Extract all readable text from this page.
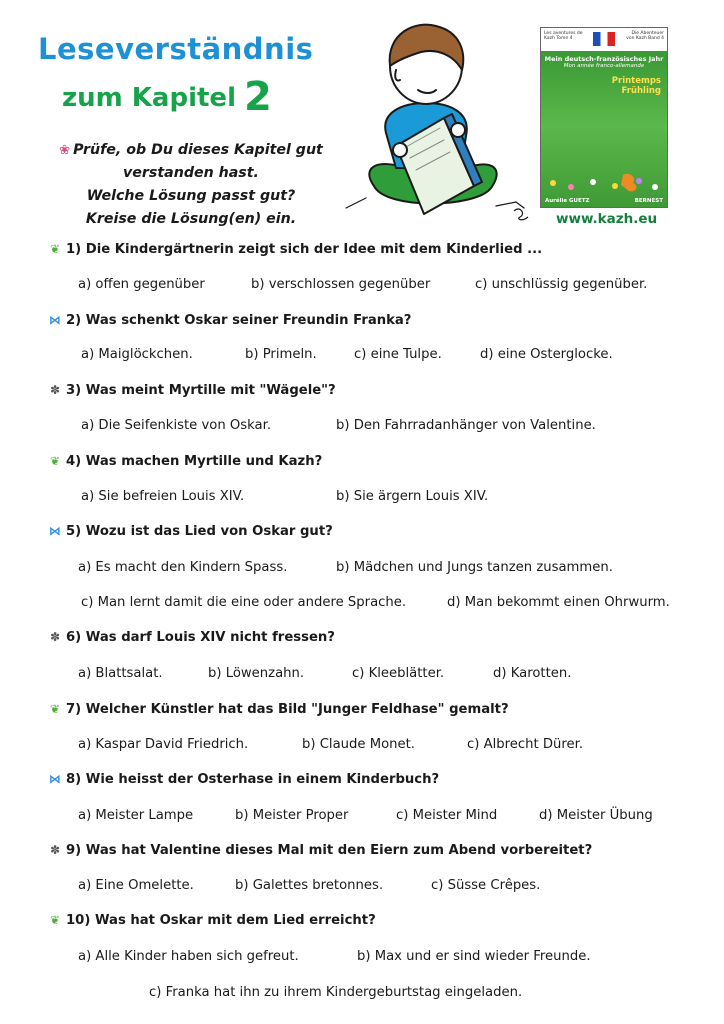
Leseverständnis
zum Kapitel 2
❀ Prüfe, ob Du dieses Kapitel gut
verstanden hast.
Welche Lösung passt gut?
Kreise die Lösung(en) ein.
Les aventures de Kazh Tome 4
Die Abenteuer von Kazh Band 4
Mein deutsch-französisches Jahr
Mon année franco-allemande
Printemps
Frühling
Aurélie GUETZ	BERNEST
www.kazh.eu
❦ 1) Die Kindergärtnerin zeigt sich der Idee mit dem Kinderlied ...
a) offen gegenüber	b) verschlossen gegenüber	c) unschlüssig gegenüber.
⋈ 2) Was schenkt Oskar seiner Freundin Franka?
a) Maiglöckchen.	b) Primeln.	c) eine Tulpe.	d) eine Osterglocke.
✽ 3) Was meint Myrtille mit "Wägele"?
a) Die Seifenkiste von Oskar.	b) Den Fahrradanhänger von Valentine.
❦ 4) Was machen Myrtille und Kazh?
a) Sie befreien Louis XIV.	b) Sie ärgern Louis XIV.
⋈ 5) Wozu ist das Lied von Oskar gut?
a) Es macht den Kindern Spass.	b) Mädchen und Jungs tanzen zusammen.
c) Man lernt damit die eine oder andere Sprache.	d) Man bekommt einen Ohrwurm.
✽ 6) Was darf Louis XIV nicht fressen?
a) Blattsalat.	b) Löwenzahn.	c) Kleeblätter.	d) Karotten.
❦ 7) Welcher Künstler hat das Bild "Junger Feldhase" gemalt?
a) Kaspar David Friedrich.	b) Claude Monet.	c) Albrecht Dürer.
⋈ 8) Wie heisst der Osterhase in einem Kinderbuch?
a) Meister Lampe	b) Meister Proper	c) Meister Mind	d) Meister Übung
✽ 9) Was hat Valentine dieses Mal mit den Eiern zum Abend vorbereitet?
a) Eine Omelette.	b) Galettes bretonnes.	c) Süsse Crêpes.
❦ 10) Was hat Oskar mit dem Lied erreicht?
a) Alle Kinder haben sich gefreut.	b) Max und er sind wieder Freunde.
c) Franka hat ihn zu ihrem Kindergeburtstag eingeladen.
